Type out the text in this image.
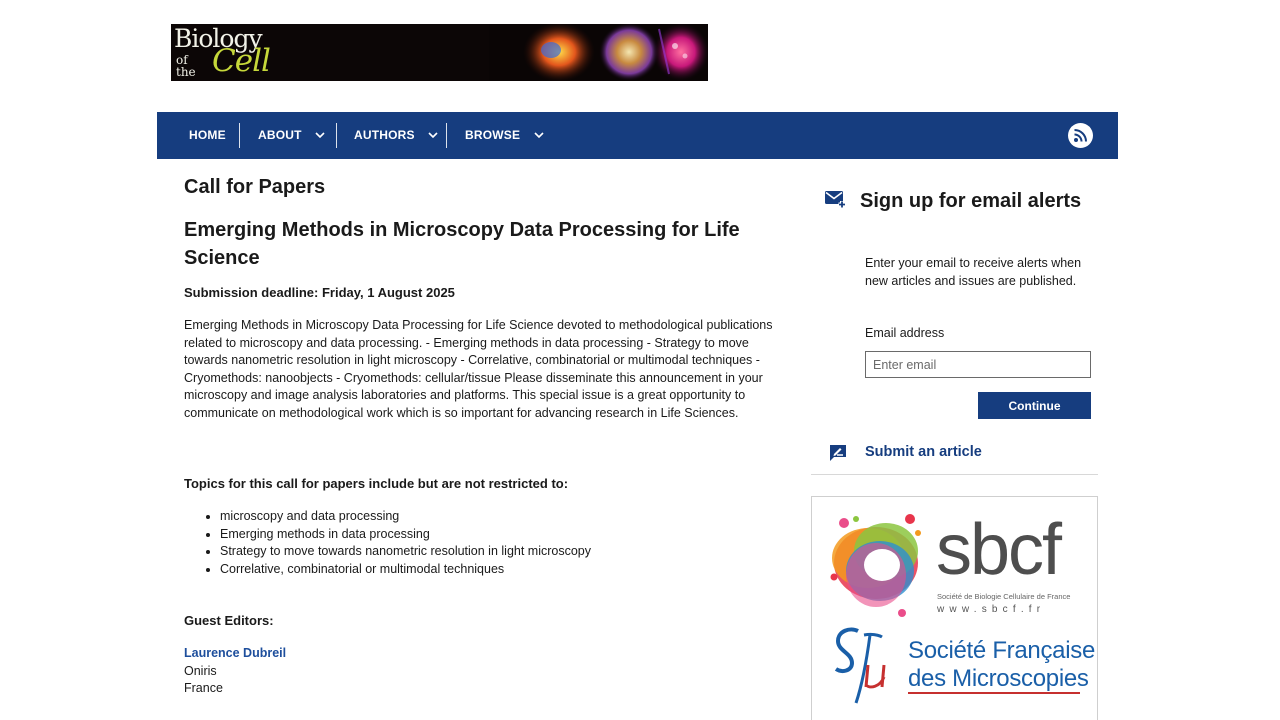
Biology
of the Cell
HOME	ABOUT	AUTHORS	BROWSE
Call for Papers
Emerging Methods in Microscopy Data Processing for Life Science

Submission deadline: Friday, 1 August 2025

Emerging Methods in Microscopy Data Processing for Life Science devoted to methodological publications related to microscopy and data processing. - Emerging methods in data processing - Strategy to move towards nanometric resolution in light microscopy - Correlative, combinatorial or multimodal techniques - Cryomethods: nanoobjects - Cryomethods: cellular/tissue Please disseminate this announcement in your microscopy and image analysis laboratories and platforms. This special issue is a great opportunity to communicate on methodological work which is so important for advancing research in Life Sciences.

Topics for this call for papers include but are not restricted to:

• microscopy and data processing
• Emerging methods in data processing
• Strategy to move towards nanometric resolution in light microscopy
• Correlative, combinatorial or multimodal techniques

Guest Editors:

Laurence Dubreil
Oniris
France
Sign up for email alerts

Enter your email to receive alerts when new articles and issues are published.

Email address
Enter email
Continue
Submit an article
sbcf
Société de Biologie Cellulaire de France
www.sbcf.fr
Société Française
des Microscopies
